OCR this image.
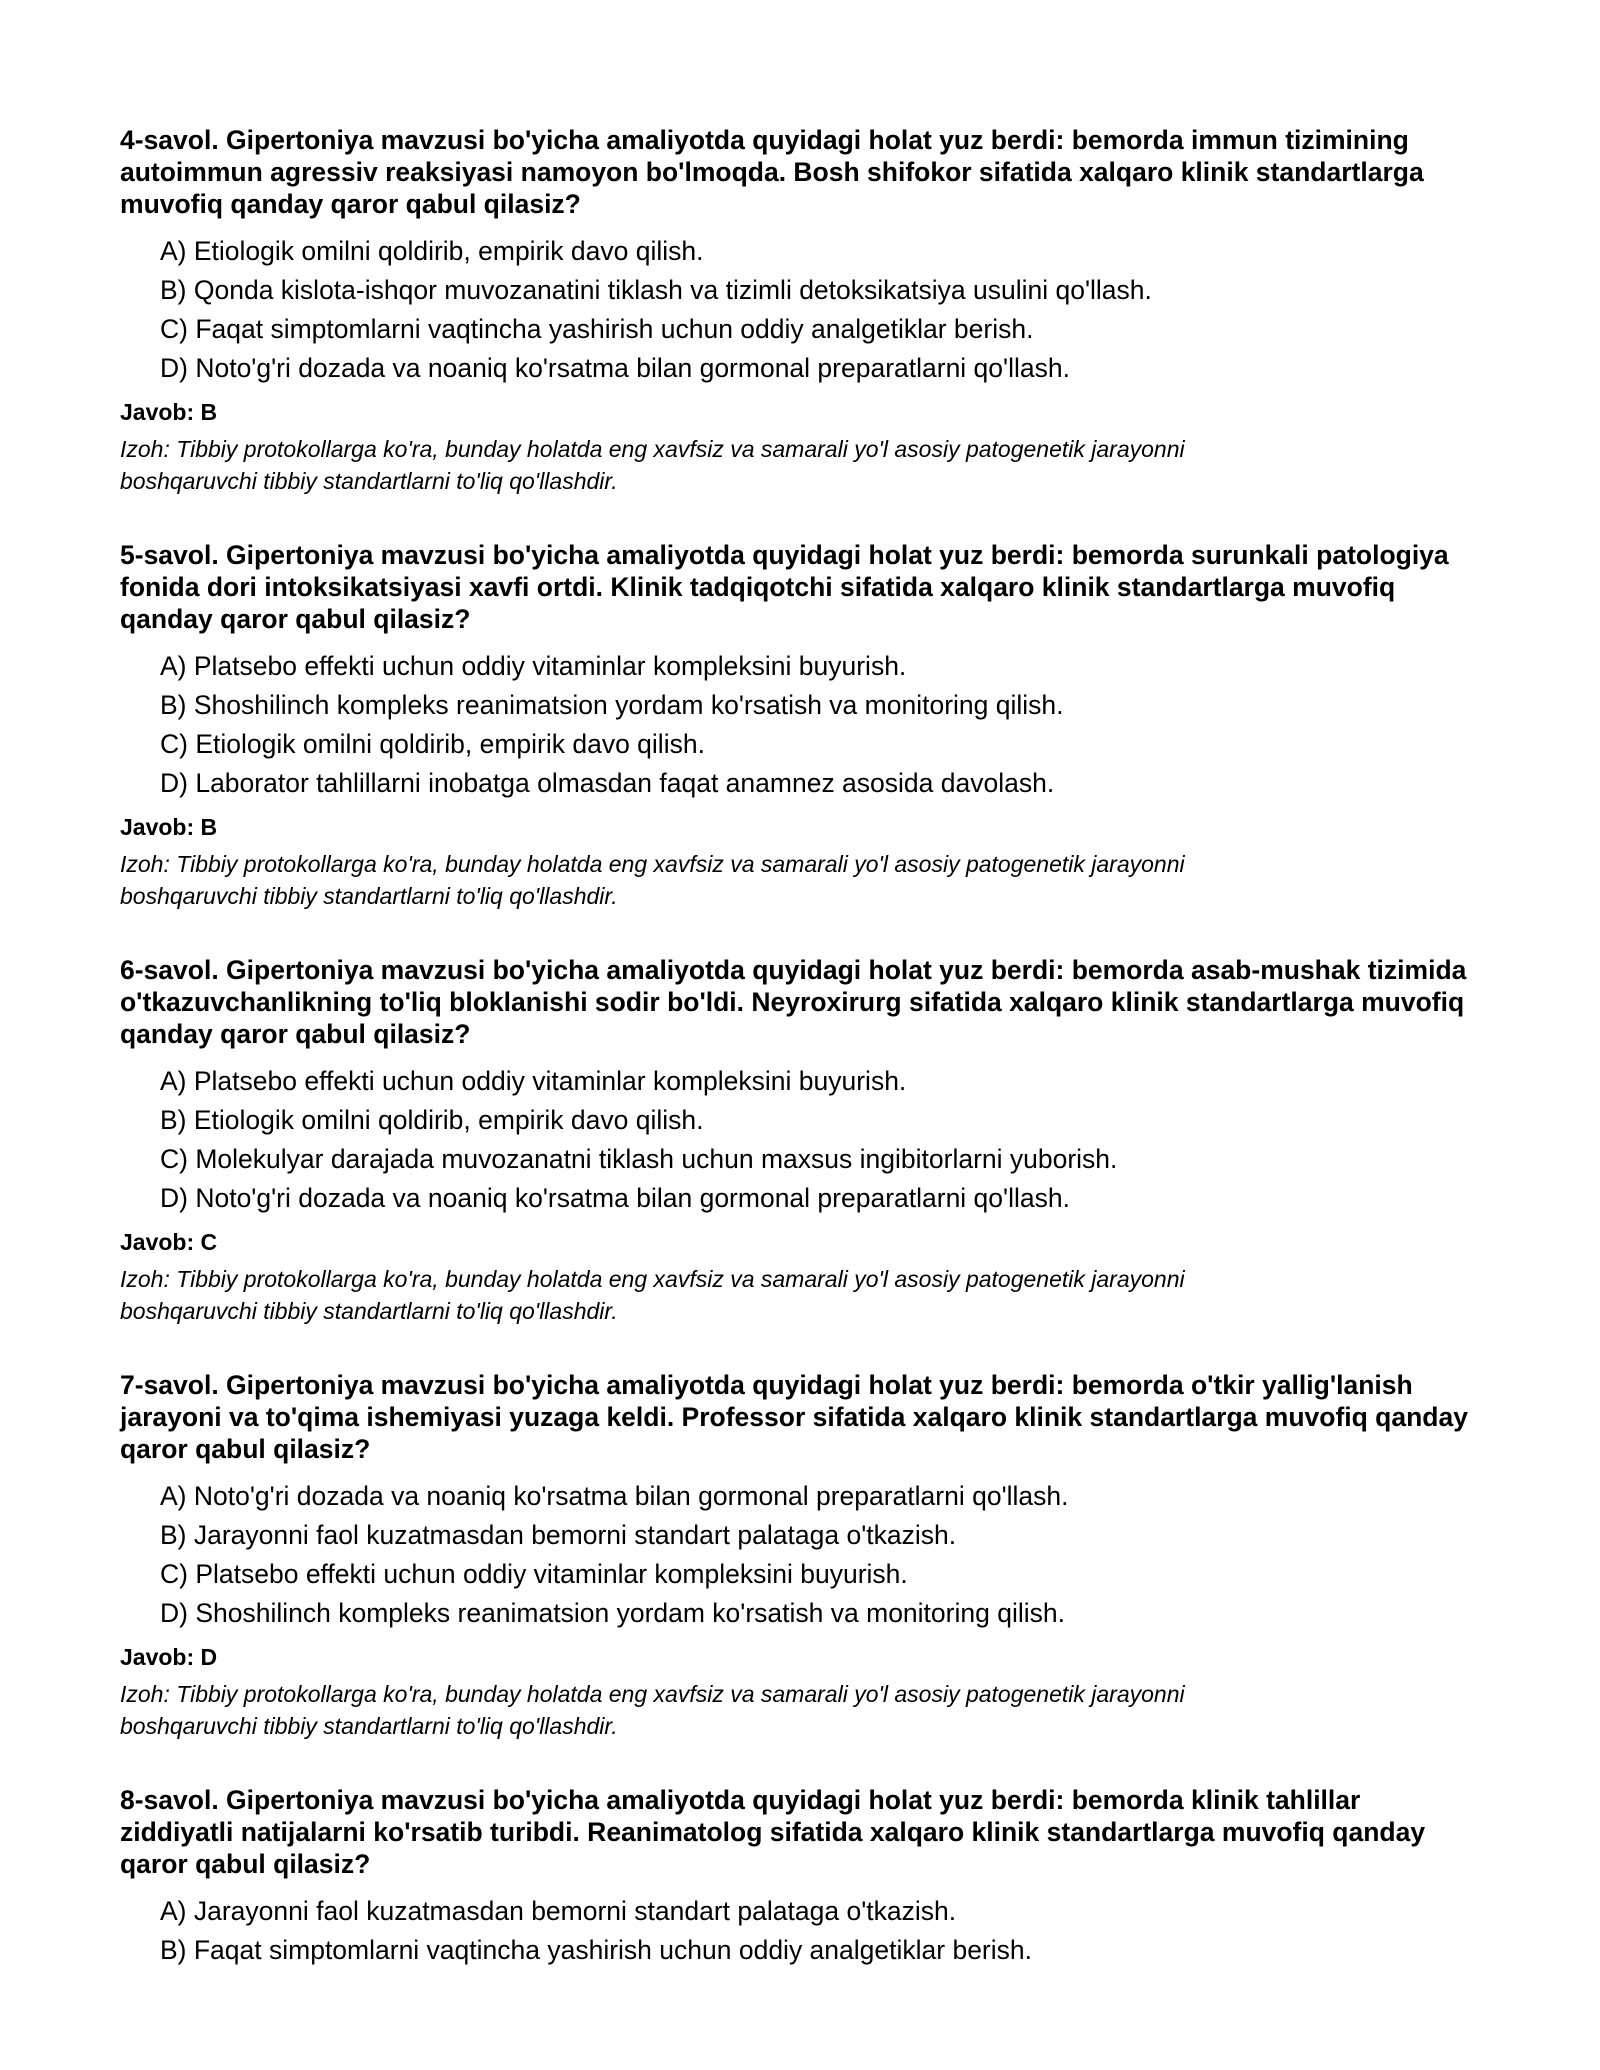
4-savol. Gipertoniya mavzusi bo'yicha amaliyotda quyidagi holat yuz berdi: bemorda immun tizimining autoimmun agressiv reaksiyasi namoyon bo'lmoqda. Bosh shifokor sifatida xalqaro klinik standartlarga muvofiq qanday qaror qabul qilasiz?
A) Etiologik omilni qoldirib, empirik davo qilish.
B) Qonda kislota-ishqor muvozanatini tiklash va tizimli detoksikatsiya usulini qo'llash.
C) Faqat simptomlarni vaqtincha yashirish uchun oddiy analgetiklar berish.
D) Noto'g'ri dozada va noaniq ko'rsatma bilan gormonal preparatlarni qo'llash.
Javob: B
Izoh: Tibbiy protokollarga ko'ra, bunday holatda eng xavfsiz va samarali yo'l asosiy patogenetik jarayonni
boshqaruvchi tibbiy standartlarni to'liq qo'llashdir.
5-savol. Gipertoniya mavzusi bo'yicha amaliyotda quyidagi holat yuz berdi: bemorda surunkali patologiya fonida dori intoksikatsiyasi xavfi ortdi. Klinik tadqiqotchi sifatida xalqaro klinik standartlarga muvofiq qanday qaror qabul qilasiz?
A) Platsebo effekti uchun oddiy vitaminlar kompleksini buyurish.
B) Shoshilinch kompleks reanimatsion yordam ko'rsatish va monitoring qilish.
C) Etiologik omilni qoldirib, empirik davo qilish.
D) Laborator tahlillarni inobatga olmasdan faqat anamnez asosida davolash.
Javob: B
Izoh: Tibbiy protokollarga ko'ra, bunday holatda eng xavfsiz va samarali yo'l asosiy patogenetik jarayonni
boshqaruvchi tibbiy standartlarni to'liq qo'llashdir.
6-savol. Gipertoniya mavzusi bo'yicha amaliyotda quyidagi holat yuz berdi: bemorda asab-mushak tizimida o'tkazuvchanlikning to'liq bloklanishi sodir bo'ldi. Neyroxirurg sifatida xalqaro klinik standartlarga muvofiq qanday qaror qabul qilasiz?
A) Platsebo effekti uchun oddiy vitaminlar kompleksini buyurish.
B) Etiologik omilni qoldirib, empirik davo qilish.
C) Molekulyar darajada muvozanatni tiklash uchun maxsus ingibitorlarni yuborish.
D) Noto'g'ri dozada va noaniq ko'rsatma bilan gormonal preparatlarni qo'llash.
Javob: C
Izoh: Tibbiy protokollarga ko'ra, bunday holatda eng xavfsiz va samarali yo'l asosiy patogenetik jarayonni
boshqaruvchi tibbiy standartlarni to'liq qo'llashdir.
7-savol. Gipertoniya mavzusi bo'yicha amaliyotda quyidagi holat yuz berdi: bemorda o'tkir yallig'lanish jarayoni va to'qima ishemiyasi yuzaga keldi. Professor sifatida xalqaro klinik standartlarga muvofiq qanday qaror qabul qilasiz?
A) Noto'g'ri dozada va noaniq ko'rsatma bilan gormonal preparatlarni qo'llash.
B) Jarayonni faol kuzatmasdan bemorni standart palataga o'tkazish.
C) Platsebo effekti uchun oddiy vitaminlar kompleksini buyurish.
D) Shoshilinch kompleks reanimatsion yordam ko'rsatish va monitoring qilish.
Javob: D
Izoh: Tibbiy protokollarga ko'ra, bunday holatda eng xavfsiz va samarali yo'l asosiy patogenetik jarayonni
boshqaruvchi tibbiy standartlarni to'liq qo'llashdir.
8-savol. Gipertoniya mavzusi bo'yicha amaliyotda quyidagi holat yuz berdi: bemorda klinik tahlillar ziddiyatli natijalarni ko'rsatib turibdi. Reanimatolog sifatida xalqaro klinik standartlarga muvofiq qanday qaror qabul qilasiz?
A) Jarayonni faol kuzatmasdan bemorni standart palataga o'tkazish.
B) Faqat simptomlarni vaqtincha yashirish uchun oddiy analgetiklar berish.
